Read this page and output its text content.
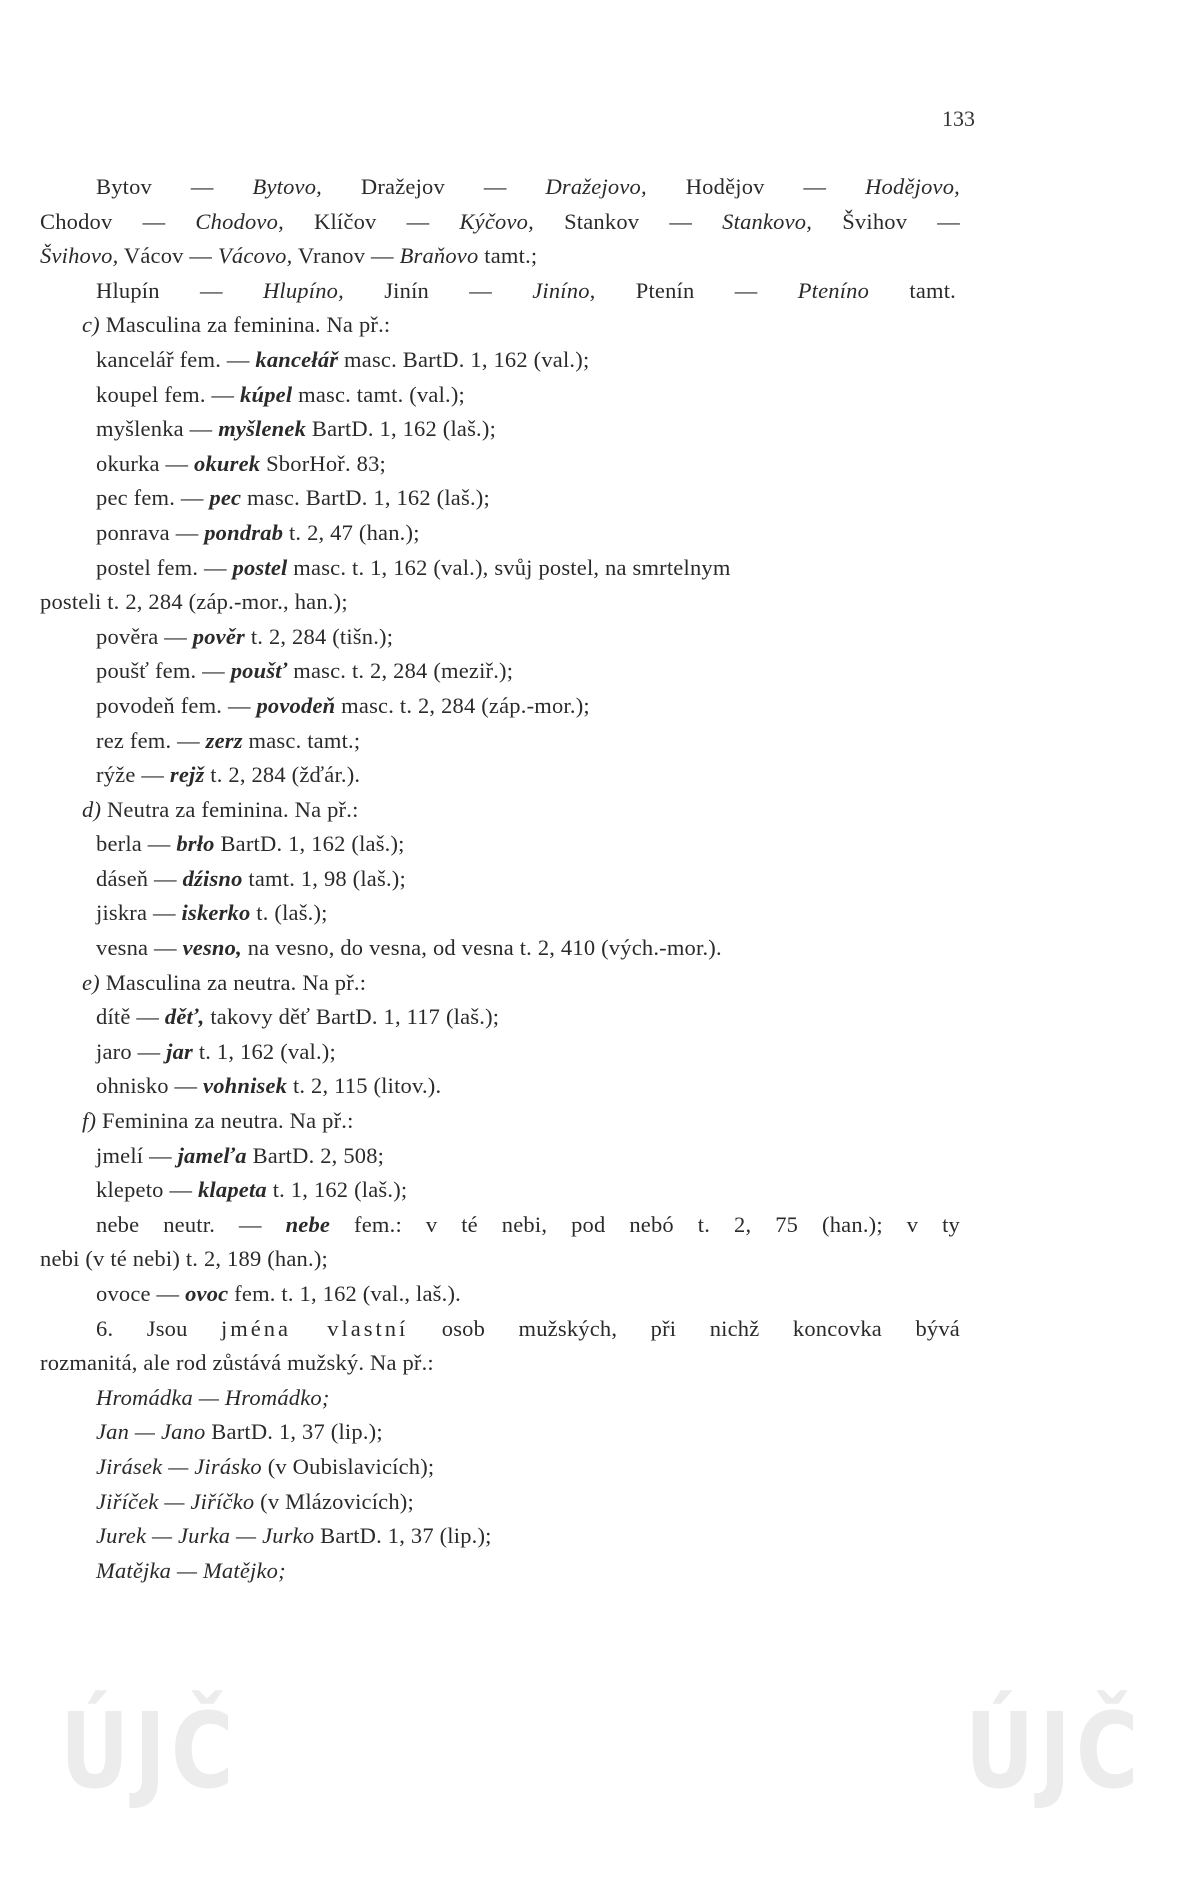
133
Bytov — Bytovo, Dražejov — Dražejovo, Hodějov — Hodějovo,
Chodov — Chodovo, Klíčov — Kýčovo, Stankov — Stankovo, Švihov —
Švihovo, Vácov — Vácovo, Vranov — Braňovo tamt.;
Hlupín — Hlupíno, Jinín — Jiníno, Ptenín — Pteníno tamt.
c) Masculina za feminina. Na př.:
kancelář fem. — kancełář masc. BartD. 1, 162 (val.);
koupel fem. — kúpel masc. tamt. (val.);
myšlenka — myšlenek BartD. 1, 162 (laš.);
okurka — okurek SborHoř. 83;
pec fem. — pec masc. BartD. 1, 162 (laš.);
ponrava — pondrab t. 2, 47 (han.);
postel fem. — postel masc. t. 1, 162 (val.), svůj postel, na smrtelnym
posteli t. 2, 284 (záp.-mor., han.);
pověra — pověr t. 2, 284 (tišn.);
poušť fem. — poušť masc. t. 2, 284 (meziř.);
povodeň fem. — povodeň masc. t. 2, 284 (záp.-mor.);
rez fem. — zerz masc. tamt.;
rýže — rejž t. 2, 284 (žďár.).
d) Neutra za feminina. Na př.:
berla — brło BartD. 1, 162 (laš.);
dáseň — dźisno tamt. 1, 98 (laš.);
jiskra — iskerko t. (laš.);
vesna — vesno, na vesno, do vesna, od vesna t. 2, 410 (vých.-mor.).
e) Masculina za neutra. Na př.:
dítě — děť, takovy děť BartD. 1, 117 (laš.);
jaro — jar t. 1, 162 (val.);
ohnisko — vohnisek t. 2, 115 (litov.).
f) Feminina za neutra. Na př.:
jmelí — jameľa BartD. 2, 508;
klepeto — klapeta t. 1, 162 (laš.);
nebe neutr. — nebe fem.: v té nebi, pod nebó t. 2, 75 (han.); v ty
nebi (v té nebi) t. 2, 189 (han.);
ovoce — ovoc fem. t. 1, 162 (val., laš.).
6. Jsou jména vlastní osob mužských, při nichž koncovka bývá
rozmanitá, ale rod zůstává mužský. Na př.:
Hromádka — Hromádko;
Jan — Jano BartD. 1, 37 (lip.);
Jirásek — Jirásko (v Oubislavicích);
Jiříček — Jiříčko (v Mlázovicích);
Jurek — Jurka — Jurko BartD. 1, 37 (lip.);
Matějka — Matějko;
ÚJČ	ÚJČ
